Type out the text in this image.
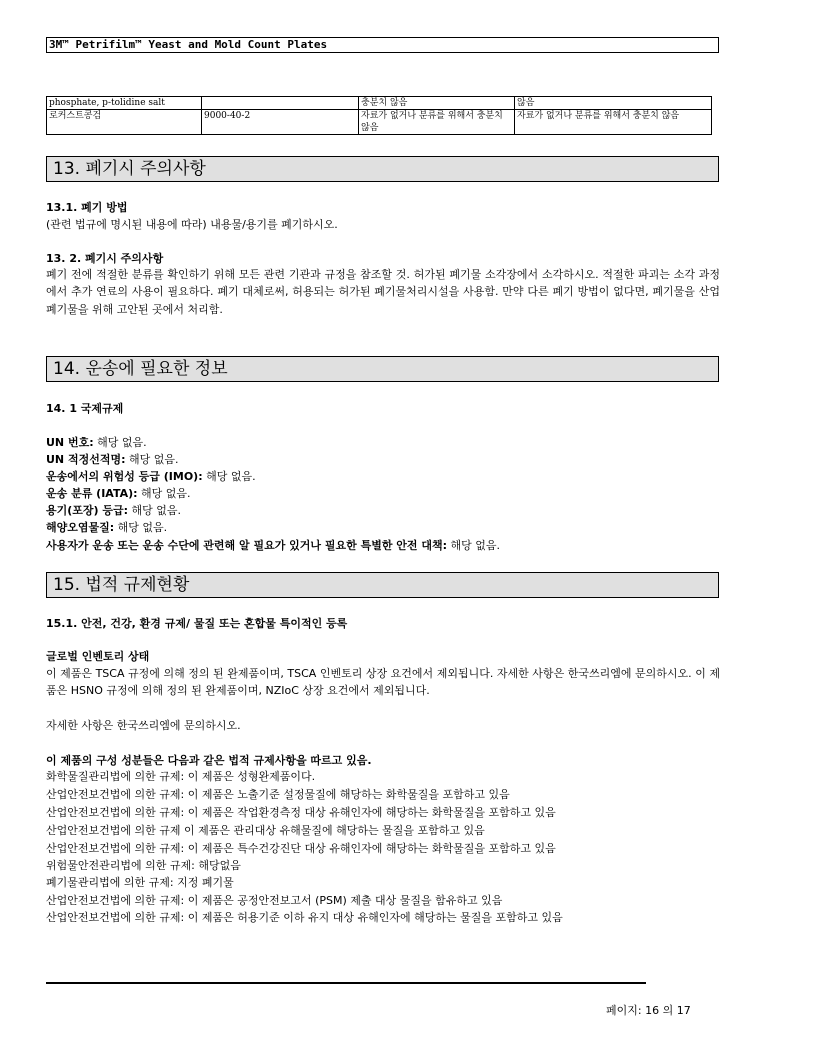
3M™ Petrifilm™ Yeast and Mold Count Plates
phosphate, p-tolidine salt		충분치 않음	않음
로커스트콩검	9000-40-2	자료가 없거나 분류를 위해서 충분치 않음	자료가 없거나 분류를 위해서 충분치 않음
13. 폐기시 주의사항
13.1. 폐기 방법
(관련 법규에 명시된 내용에 따라) 내용물/용기를 폐기하시오.
13. 2. 폐기시 주의사항
폐기 전에 적절한 분류를 확인하기 위해 모든 관련 기관과 규정을 참조할 것. 허가된 폐기물 소각장에서 소각하시오. 적절한 파괴는 소각 과정에서 추가 연료의 사용이 필요하다. 폐기 대체로써, 허용되는 허가된 폐기물처리시설을 사용함. 만약 다른 폐기 방법이 없다면, 폐기물을 산업 폐기물을 위해 고안된 곳에서 처리함.
14. 운송에 필요한 정보
14. 1 국제규제
UN 번호: 해당 없음.
UN 적정선적명: 해당 없음.
운송에서의 위험성 등급 (IMO): 해당 없음.
운송 분류 (IATA): 해당 없음.
용기(포장) 등급: 해당 없음.
해양오염물질: 해당 없음.
사용자가 운송 또는 운송 수단에 관련해 알 필요가 있거나 필요한 특별한 안전 대책: 해당 없음.
15. 법적 규제현황
15.1. 안전, 건강, 환경 규제/ 물질 또는 혼합물 특이적인 등록
글로벌 인벤토리 상태
이 제품은 TSCA 규정에 의해 정의 된 완제품이며, TSCA 인벤토리 상장 요건에서 제외됩니다. 자세한 사항은 한국쓰리엠에 문의하시오. 이 제품은 HSNO 규정에 의해 정의 된 완제품이며, NZIoC 상장 요건에서 제외됩니다.
자세한 사항은 한국쓰리엠에 문의하시오.
이 제품의 구성 성분들은 다음과 같은 법적 규제사항을 따르고 있음.
화학물질관리법에 의한 규제: 이 제품은 성형완제품이다.
산업안전보건법에 의한 규제: 이 제품은 노출기준 설정물질에 해당하는 화학물질을 포함하고 있음
산업안전보건법에 의한 규제: 이 제품은 작업환경측정 대상 유해인자에 해당하는 화학물질을 포함하고 있음
산업안전보건법에 의한 규제 이 제품은 관리대상 유해물질에 해당하는 물질을 포함하고 있음
산업안전보건법에 의한 규제: 이 제품은 특수건강진단 대상 유해인자에 해당하는 화학물질을 포함하고 있음
위험물안전관리법에 의한 규제: 해당없음
폐기물관리법에 의한 규제: 지정 폐기물
산업안전보건법에 의한 규제: 이 제품은 공정안전보고서 (PSM) 제출 대상 물질을 함유하고 있음
산업안전보건법에 의한 규제: 이 제품은 허용기준 이하 유지 대상 유해인자에 해당하는 물질을 포함하고 있음
페이지: 16 의 17
